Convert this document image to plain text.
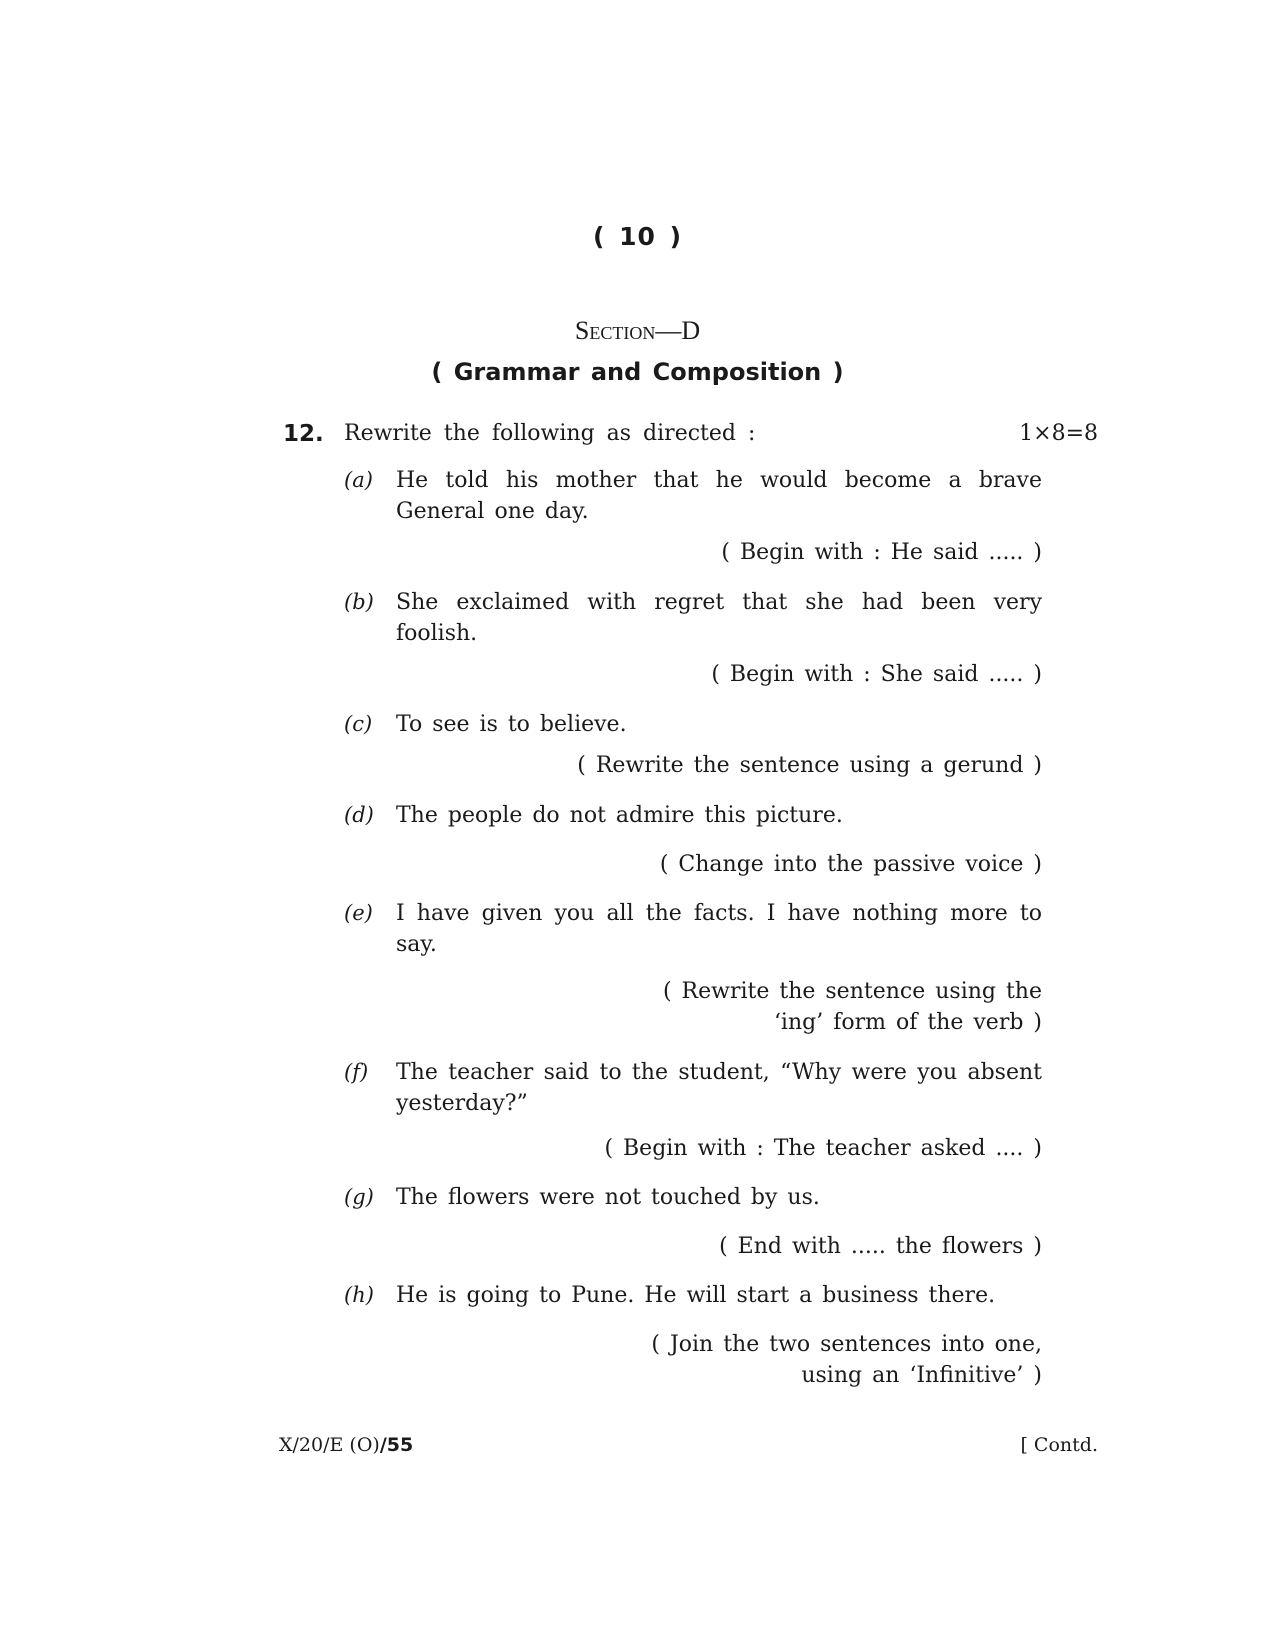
( 10 )
Section—D
( Grammar and Composition )
12. Rewrite the following as directed :	1×8=8
(a) He told his mother that he would become a brave General one day.
( Begin with : He said ..... )
(b) She exclaimed with regret that she had been very foolish.
( Begin with : She said ..... )
(c) To see is to believe.
( Rewrite the sentence using a gerund )
(d) The people do not admire this picture.
( Change into the passive voice )
(e) I have given you all the facts. I have nothing more to say.
( Rewrite the sentence using the
‘ing’ form of the verb )
(f) The teacher said to the student, “Why were you absent yesterday?”
( Begin with : The teacher asked .... )
(g) The flowers were not touched by us.
( End with ..... the flowers )
(h) He is going to Pune. He will start a business there.
( Join the two sentences into one,
using an ‘Infinitive’ )
X/20/E (O)/55	[ Contd.
